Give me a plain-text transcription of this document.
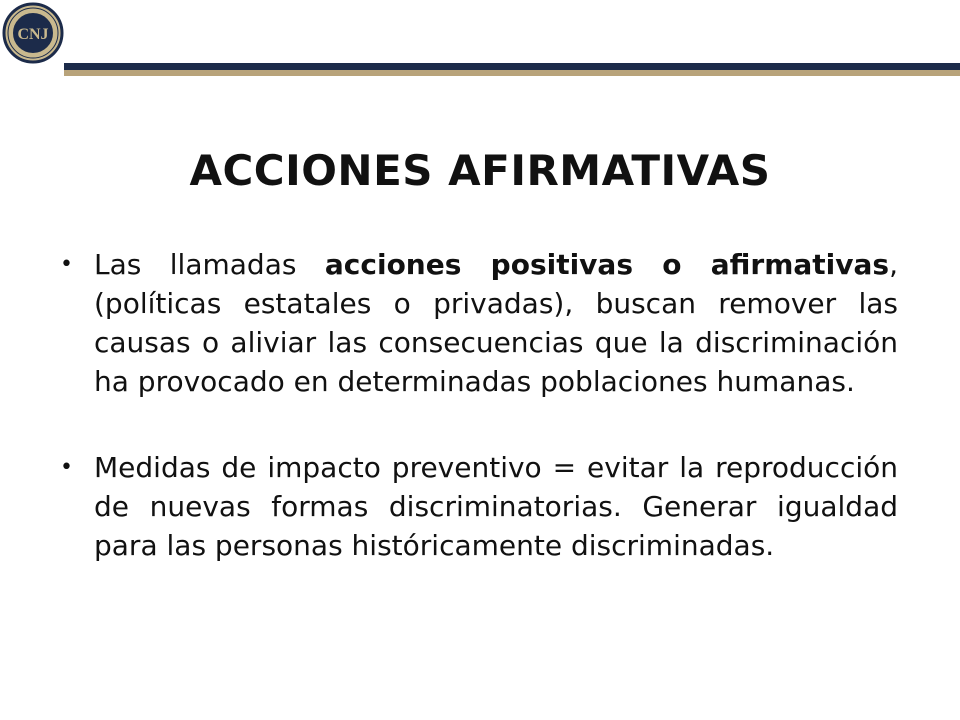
CNJ
ACCIONES AFIRMATIVAS
• Las llamadas acciones positivas o afirmativas, (políticas estatales o privadas), buscan remover las causas o aliviar las consecuencias que la discriminación ha provocado en determinadas poblaciones humanas.
• Medidas de impacto preventivo = evitar la reproducción de nuevas formas discriminatorias. Generar igualdad para las personas históricamente discriminadas.
